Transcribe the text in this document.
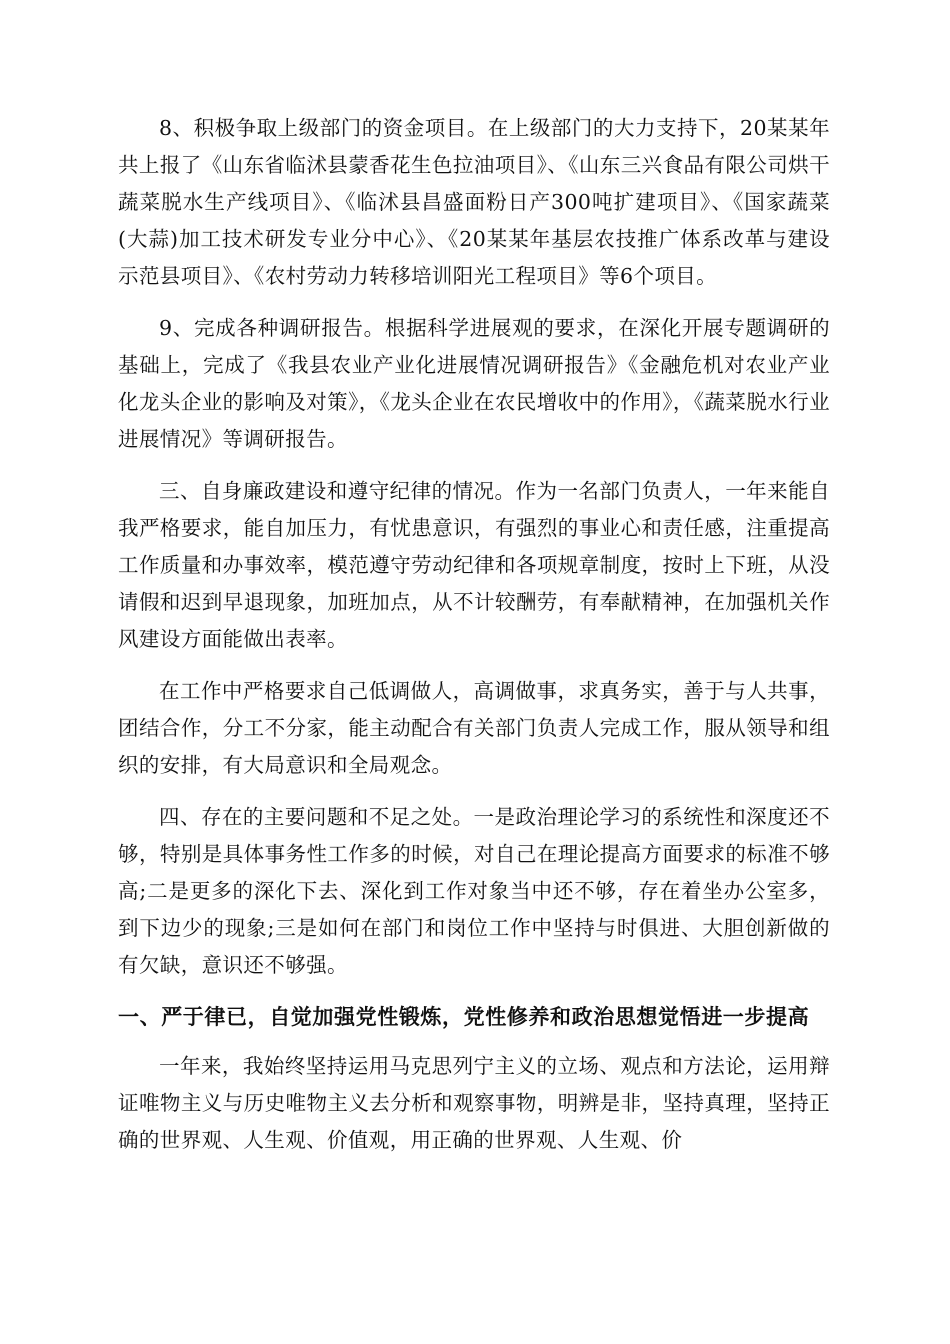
8、积极争取上级部门的资金项目。在上级部门的大力支持下，20某某年共上报了《山东省临沭县蒙香花生色拉油项目》、《山东三兴食品有限公司烘干蔬菜脱水生产线项目》、《临沭县昌盛面粉日产300吨扩建项目》、《国家蔬菜(大蒜)加工技术研发专业分中心》、《20某某年基层农技推广体系改革与建设示范县项目》、《农村劳动力转移培训阳光工程项目》等6个项目。

9、完成各种调研报告。根据科学进展观的要求，在深化开展专题调研的基础上，完成了《我县农业产业化进展情况调研报告》《金融危机对农业产业化龙头企业的影响及对策》，《龙头企业在农民增收中的作用》，《蔬菜脱水行业进展情况》等调研报告。

三、自身廉政建设和遵守纪律的情况。作为一名部门负责人，一年来能自我严格要求，能自加压力，有忧患意识，有强烈的事业心和责任感，注重提高工作质量和办事效率，模范遵守劳动纪律和各项规章制度，按时上下班，从没请假和迟到早退现象，加班加点，从不计较酬劳，有奉献精神，在加强机关作风建设方面能做出表率。

在工作中严格要求自己低调做人，高调做事，求真务实，善于与人共事，团结合作，分工不分家，能主动配合有关部门负责人完成工作，服从领导和组织的安排，有大局意识和全局观念。

四、存在的主要问题和不足之处。一是政治理论学习的系统性和深度还不够，特别是具体事务性工作多的时候，对自己在理论提高方面要求的标准不够高;二是更多的深化下去、深化到工作对象当中还不够，存在着坐办公室多，到下边少的现象;三是如何在部门和岗位工作中坚持与时俱进、大胆创新做的有欠缺，意识还不够强。

一、严于律已，自觉加强党性锻炼，党性修养和政治思想觉悟进一步提高

一年来，我始终坚持运用马克思列宁主义的立场、观点和方法论，运用辩证唯物主义与历史唯物主义去分析和观察事物，明辨是非，坚持真理，坚持正确的世界观、人生观、价值观，用正确的世界观、人生观、价
